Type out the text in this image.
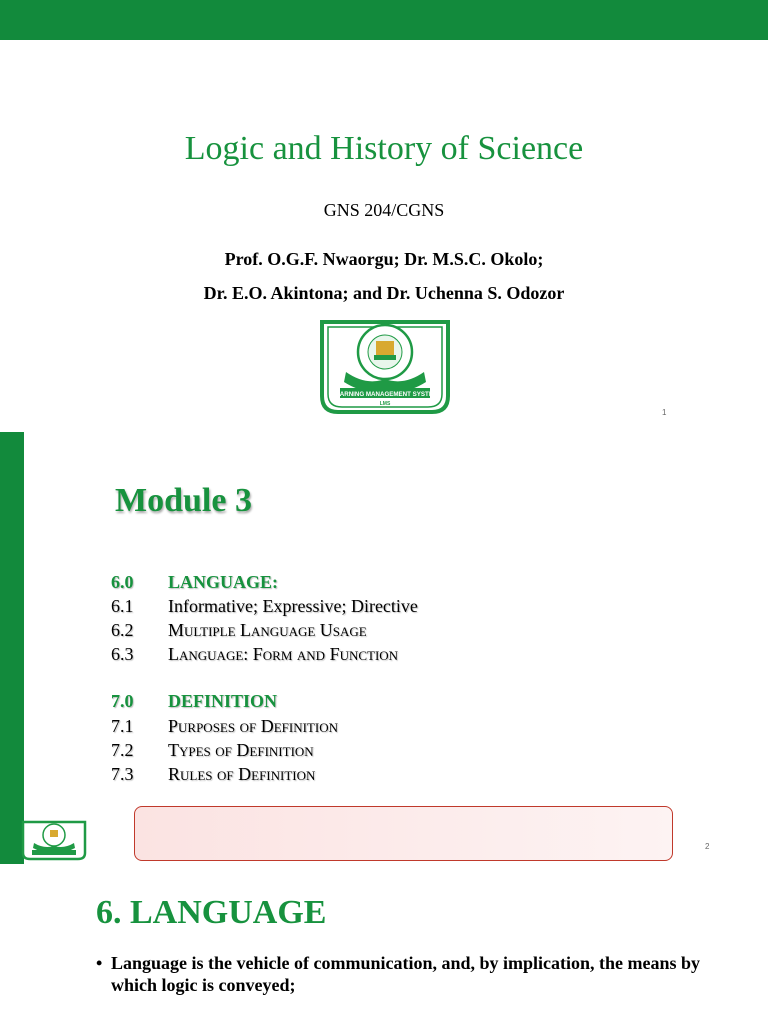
Logic and History of Science
GNS 204/CGNS
Prof. O.G.F. Nwaorgu; Dr. M.S.C. Okolo;
Dr. E.O. Akintona; and Dr. Uchenna S. Odozor
LEARNING MANAGEMENT SYSTEM
LMS
1
Module 3
6.0 LANGUAGE:
6.1 Informative; Expressive; Directive
6.2 Multiple Language Usage
6.3 Language: Form and Function
7.0 DEFINITION
7.1 Purposes of Definition
7.2 Types of Definition
7.3 Rules of Definition
2
6. LANGUAGE
• Language is the vehicle of communication, and, by implication, the means by which logic is conveyed;
